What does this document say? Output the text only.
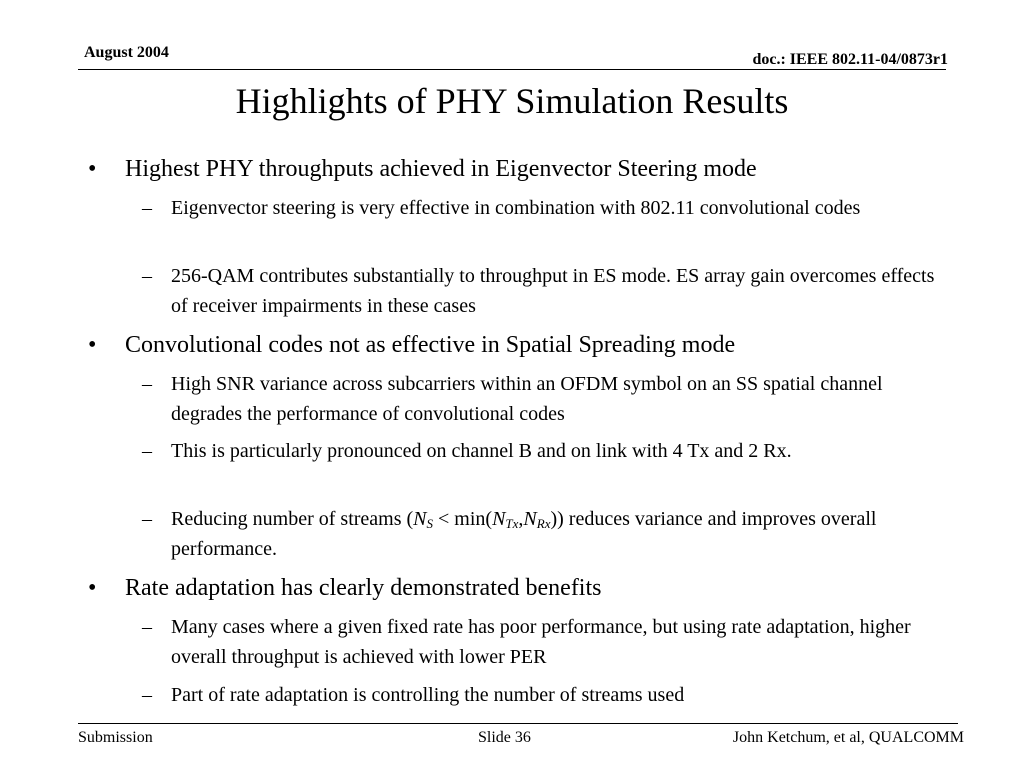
August 2004	doc.: IEEE 802.11-04/0873r1
Highlights of PHY Simulation Results
• Highest PHY throughputs achieved in Eigenvector Steering mode
– Eigenvector steering is very effective in combination with 802.11 convolutional codes
– 256-QAM contributes substantially to throughput in ES mode. ES array gain overcomes effects of receiver impairments in these cases
• Convolutional codes not as effective in Spatial Spreading mode
– High SNR variance across subcarriers within an OFDM symbol on an SS spatial channel degrades the performance of convolutional codes
– This is particularly pronounced on channel B and on link with 4 Tx and 2 Rx.
– Reducing number of streams $(N_S < \min(N_{Tx},N_{Rx}))$ reduces variance and improves overall performance.
• Rate adaptation has clearly demonstrated benefits
– Many cases where a given fixed rate has poor performance, but using rate adaptation, higher overall throughput is achieved with lower PER
– Part of rate adaptation is controlling the number of streams used
Submission	Slide 36	John Ketchum, et al, QUALCOMM
